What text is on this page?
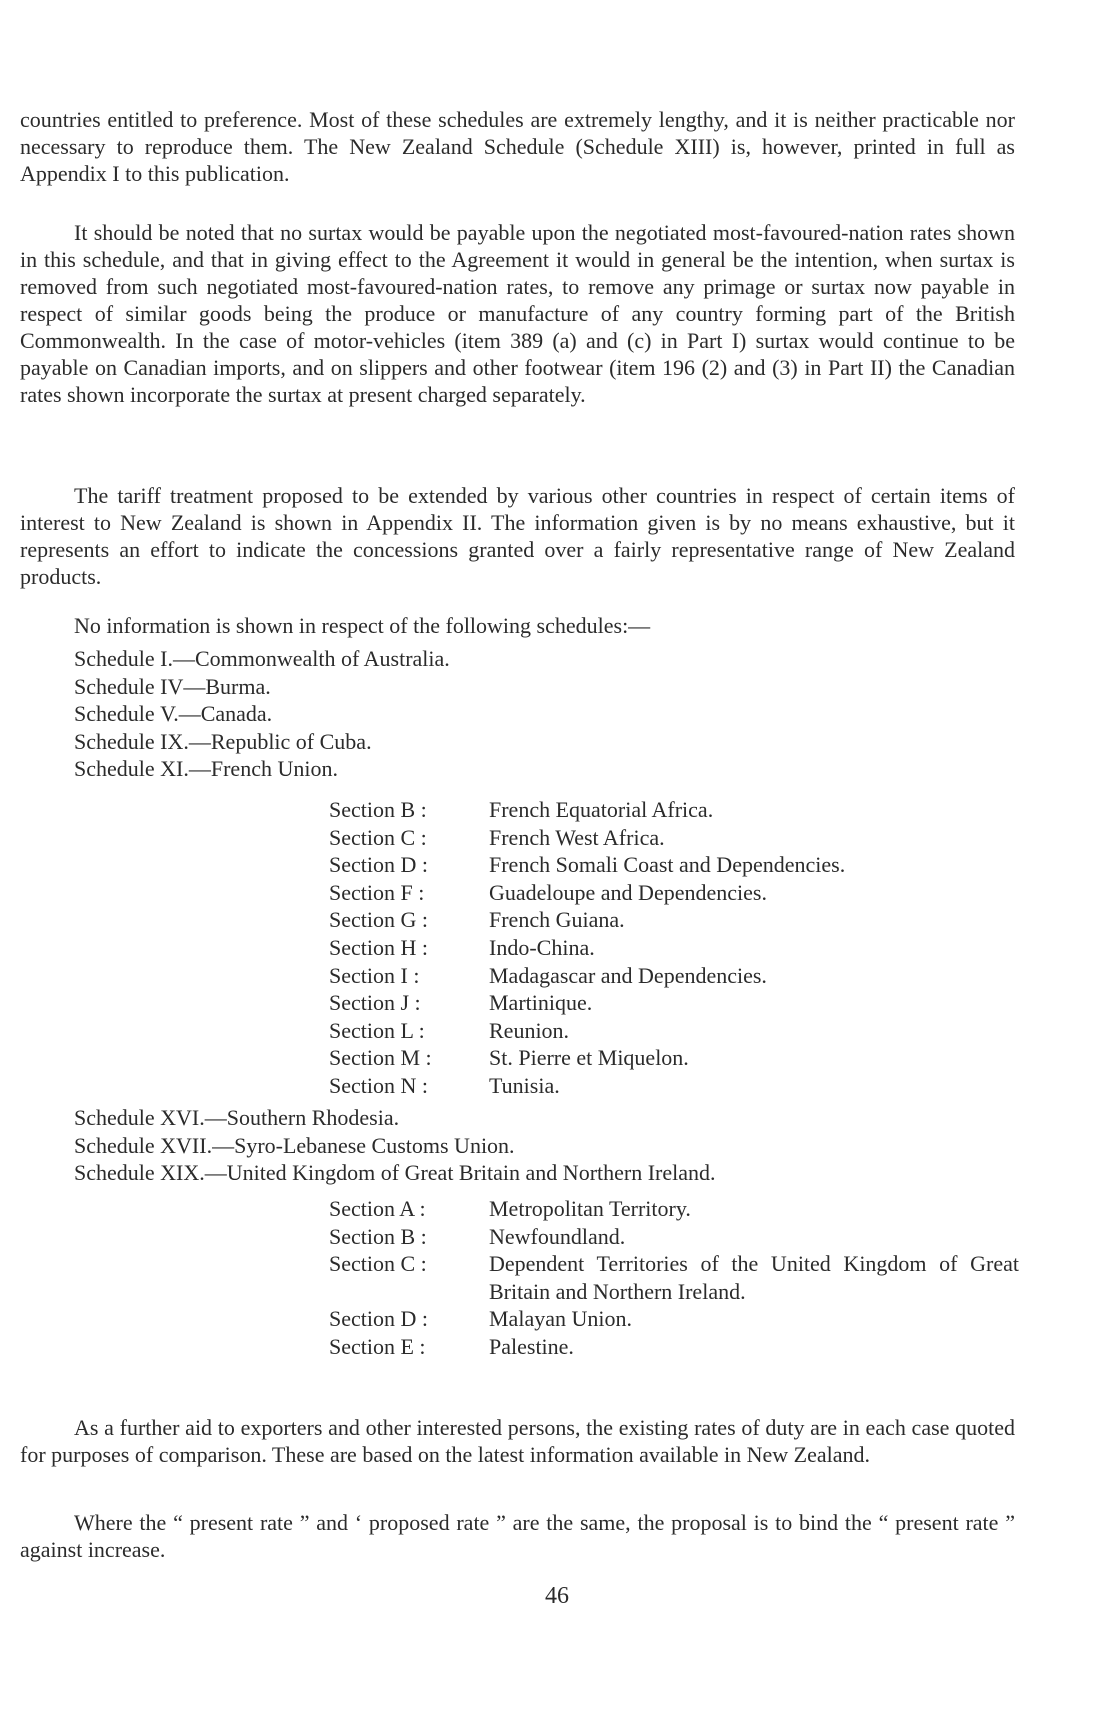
countries entitled to preference. Most of these schedules are extremely lengthy, and it is neither practicable nor necessary to reproduce them. The New Zealand Schedule (Schedule XIII) is, however, printed in full as Appendix I to this publication.

It should be noted that no surtax would be payable upon the negotiated most-favoured-nation rates shown in this schedule, and that in giving effect to the Agreement it would in general be the intention, when surtax is removed from such negotiated most-favoured-nation rates, to remove any primage or surtax now payable in respect of similar goods being the produce or manufacture of any country forming part of the British Commonwealth. In the case of motor-vehicles (item 389 (a) and (c) in Part I) surtax would continue to be payable on Canadian imports, and on slippers and other footwear (item 196 (2) and (3) in Part II) the Canadian rates shown incorporate the surtax at present charged separately.

The tariff treatment proposed to be extended by various other countries in respect of certain items of interest to New Zealand is shown in Appendix II. The information given is by no means exhaustive, but it represents an effort to indicate the concessions granted over a fairly representative range of New Zealand products.

No information is shown in respect of the following schedules:—

Schedule I.—Commonwealth of Australia.
Schedule IV—Burma.
Schedule V.—Canada.
Schedule IX.—Republic of Cuba.
Schedule XI.—French Union.
Section B :	French Equatorial Africa.
Section C :	French West Africa.
Section D :	French Somali Coast and Dependencies.
Section F :	Guadeloupe and Dependencies.
Section G :	French Guiana.
Section H :	Indo-China.
Section I :	Madagascar and Dependencies.
Section J :	Martinique.
Section L :	Reunion.
Section M :	St. Pierre et Miquelon.
Section N :	Tunisia.
Schedule XVI.—Southern Rhodesia.
Schedule XVII.—Syro-Lebanese Customs Union.
Schedule XIX.—United Kingdom of Great Britain and Northern Ireland.
Section A :	Metropolitan Territory.
Section B :	Newfoundland.
Section C :	Dependent Territories of the United Kingdom of Great Britain and Northern Ireland.
Section D :	Malayan Union.
Section E :	Palestine.

As a further aid to exporters and other interested persons, the existing rates of duty are in each case quoted for purposes of comparison. These are based on the latest information available in New Zealand.

Where the “ present rate ” and ‘ proposed rate ” are the same, the proposal is to bind the “ present rate ” against increase.

46
